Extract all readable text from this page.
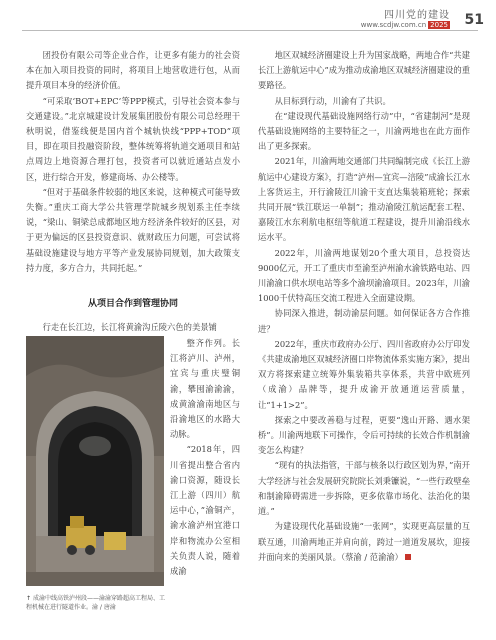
四川党的建设
www.scdjw.com.cn 2025 51

团投份有限公司等企业合作，让更多有能力的社会资本在加入项目投资的同时，将项目上地营收进行包，从而提升项目本身的经济价值。

“可采取‘BOT+EPC’等PPP模式，引导社会资本参与交通建设。”北京城建设计发展集团股份有限公司总经理干秋明说，借鉴线便是国内首个城轨快线“PPP+TOD”项目，即在项目投融资阶段，整体统筹将轨道交通项目和站点周边上地资源合理打包，投资者可以就近通站点发小区，进行综合开发，修建商场、办公楼等。

“但对于基础条件较弱的地区来说，这种模式可能导致失衡。”重庆工商大学公共管理学院城乡规划系主任李续说，“梁山、铜梁总成都地区地方经济条件较好的区县，对于更为偏远的区县投资意识、就财政压力问题，可尝试将基础设施建设与地方平等产业发展协同规划，加大政策支持力度，多方合力，共同托起。”

从项目合作到管理协同

行走在长江边，长江将黄渝沟丘陵六色的美景铺

整齐作列。长江将泸川、泸州，宜宾与重庆璧铜渝，攀囤渝渝渝，成黄渝渝南地区与沿渝地区的水路大动脉。

“2018年，四川省提出整合省内渝口资源，随设长江上游（四川）航运中心，”渝铜产，渝水渝泸州宜港口岸和物流办公室相关负责人说，随着成渝

↑ 成渝中线高铁泸州段——渝渝穿路超高工程局、工程机械在进行隧道作业。渝 / 唐渝

地区双城经济圈建设上升为国家战略，两地合作“共建长江上游航运中心”成为推动成渝地区双城经济圈建设的重要路径。

从目标到行动，川渝有了共识。

在“建设现代基础设施网络行动”中，“省建制河”是现代基础设施网络的主要特征之一，川渝两地也在此方面作出了更多探索。

2021年，川渝两地交通部门共同编制完成《长江上游航运中心建设方案》，打造“泸州—宜宾—涪陵”成渝长江水上客货运主，开行渝陵江川渝干支直达集装箱班轮；探索共同开展“铁江联运一单制”；推动渝陵江航运配套工程、嘉陵江水东利航电枢纽等航道工程建设，提升川渝沿线水运水平。

2022年，川渝两地谋划20个重大项目，总投资达9000亿元，开工了重庆市至渝至泸州渝水渝铁路电站、四川渝渝口供水坝电站等多个渝坝渝渝项目。2023年，川渝1000千伏特高压交流工程进入全面建设期。

协同深入推进，制动渝层问题。如何保证各方合作推进？

2022年，重庆市政府办公厅、四川省政府办公厅印发《共建成渝地区双城经济圈口岸物流体系实施方案》，提出双方将探索建立统筹外集装箱共享体系，共营中欧班列（成渝）品牌等，提升成渝开放通道运营质量，让“1+1>2”。

探索之中要改善稳与过程，更要“逸山开路、遇水架桥”。川渝两地联下可操作，令后可持续的长效合作机制渝变怎么构建？

“现有的执法指管，干部与核条以行政区划为界，”南开大学经济与社会发展研究院院长刘秉镰说，“一些行政壁垒和制渝障碍需进一步拆除，更多依靠市场化、法治化的渠道。”

为建设现代化基础设施“一张网”，实现更高层量的互联互通，川渝两地正并肩向前，跨过一道道发展坎，迎接并面向来的美丽风景。（蔡渝 / 范渝渝）
